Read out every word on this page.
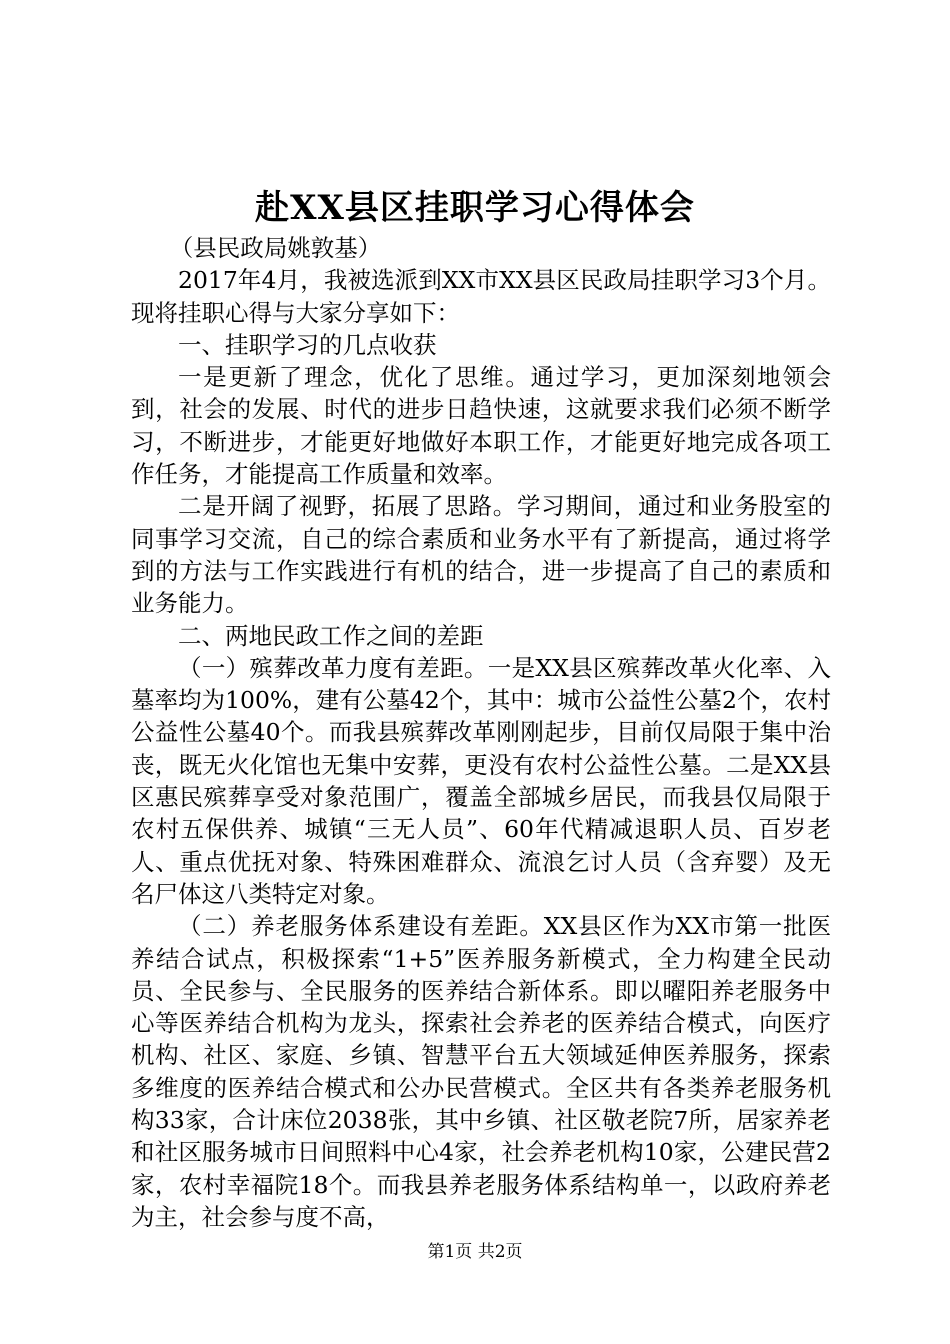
赴XX县区挂职学习心得体会

（县民政局姚敦基）

2017年4月，我被选派到XX市XX县区民政局挂职学习3个月。现将挂职心得与大家分享如下：

一、挂职学习的几点收获

一是更新了理念，优化了思维。通过学习，更加深刻地领会到，社会的发展、时代的进步日趋快速，这就要求我们必须不断学习，不断进步，才能更好地做好本职工作，才能更好地完成各项工作任务，才能提高工作质量和效率。

二是开阔了视野，拓展了思路。学习期间，通过和业务股室的同事学习交流，自己的综合素质和业务水平有了新提高，通过将学到的方法与工作实践进行有机的结合，进一步提高了自己的素质和业务能力。

二、两地民政工作之间的差距

（一）殡葬改革力度有差距。一是XX县区殡葬改革火化率、入墓率均为100%，建有公墓42个，其中：城市公益性公墓2个，农村公益性公墓40个。而我县殡葬改革刚刚起步，目前仅局限于集中治丧，既无火化馆也无集中安葬，更没有农村公益性公墓。二是XX县区惠民殡葬享受对象范围广，覆盖全部城乡居民，而我县仅局限于农村五保供养、城镇“三无人员”、60年代精减退职人员、百岁老人、重点优抚对象、特殊困难群众、流浪乞讨人员（含弃婴）及无名尸体这八类特定对象。

（二）养老服务体系建设有差距。XX县区作为XX市第一批医养结合试点，积极探索“1+5”医养服务新模式，全力构建全民动员、全民参与、全民服务的医养结合新体系。即以曜阳养老服务中心等医养结合机构为龙头，探索社会养老的医养结合模式，向医疗机构、社区、家庭、乡镇、智慧平台五大领域延伸医养服务，探索多维度的医养结合模式和公办民营模式。全区共有各类养老服务机构33家，合计床位2038张，其中乡镇、社区敬老院7所，居家养老和社区服务城市日间照料中心4家，社会养老机构10家，公建民营2家，农村幸福院18个。而我县养老服务体系结构单一，以政府养老为主，社会参与度不高，

第1页 共2页
